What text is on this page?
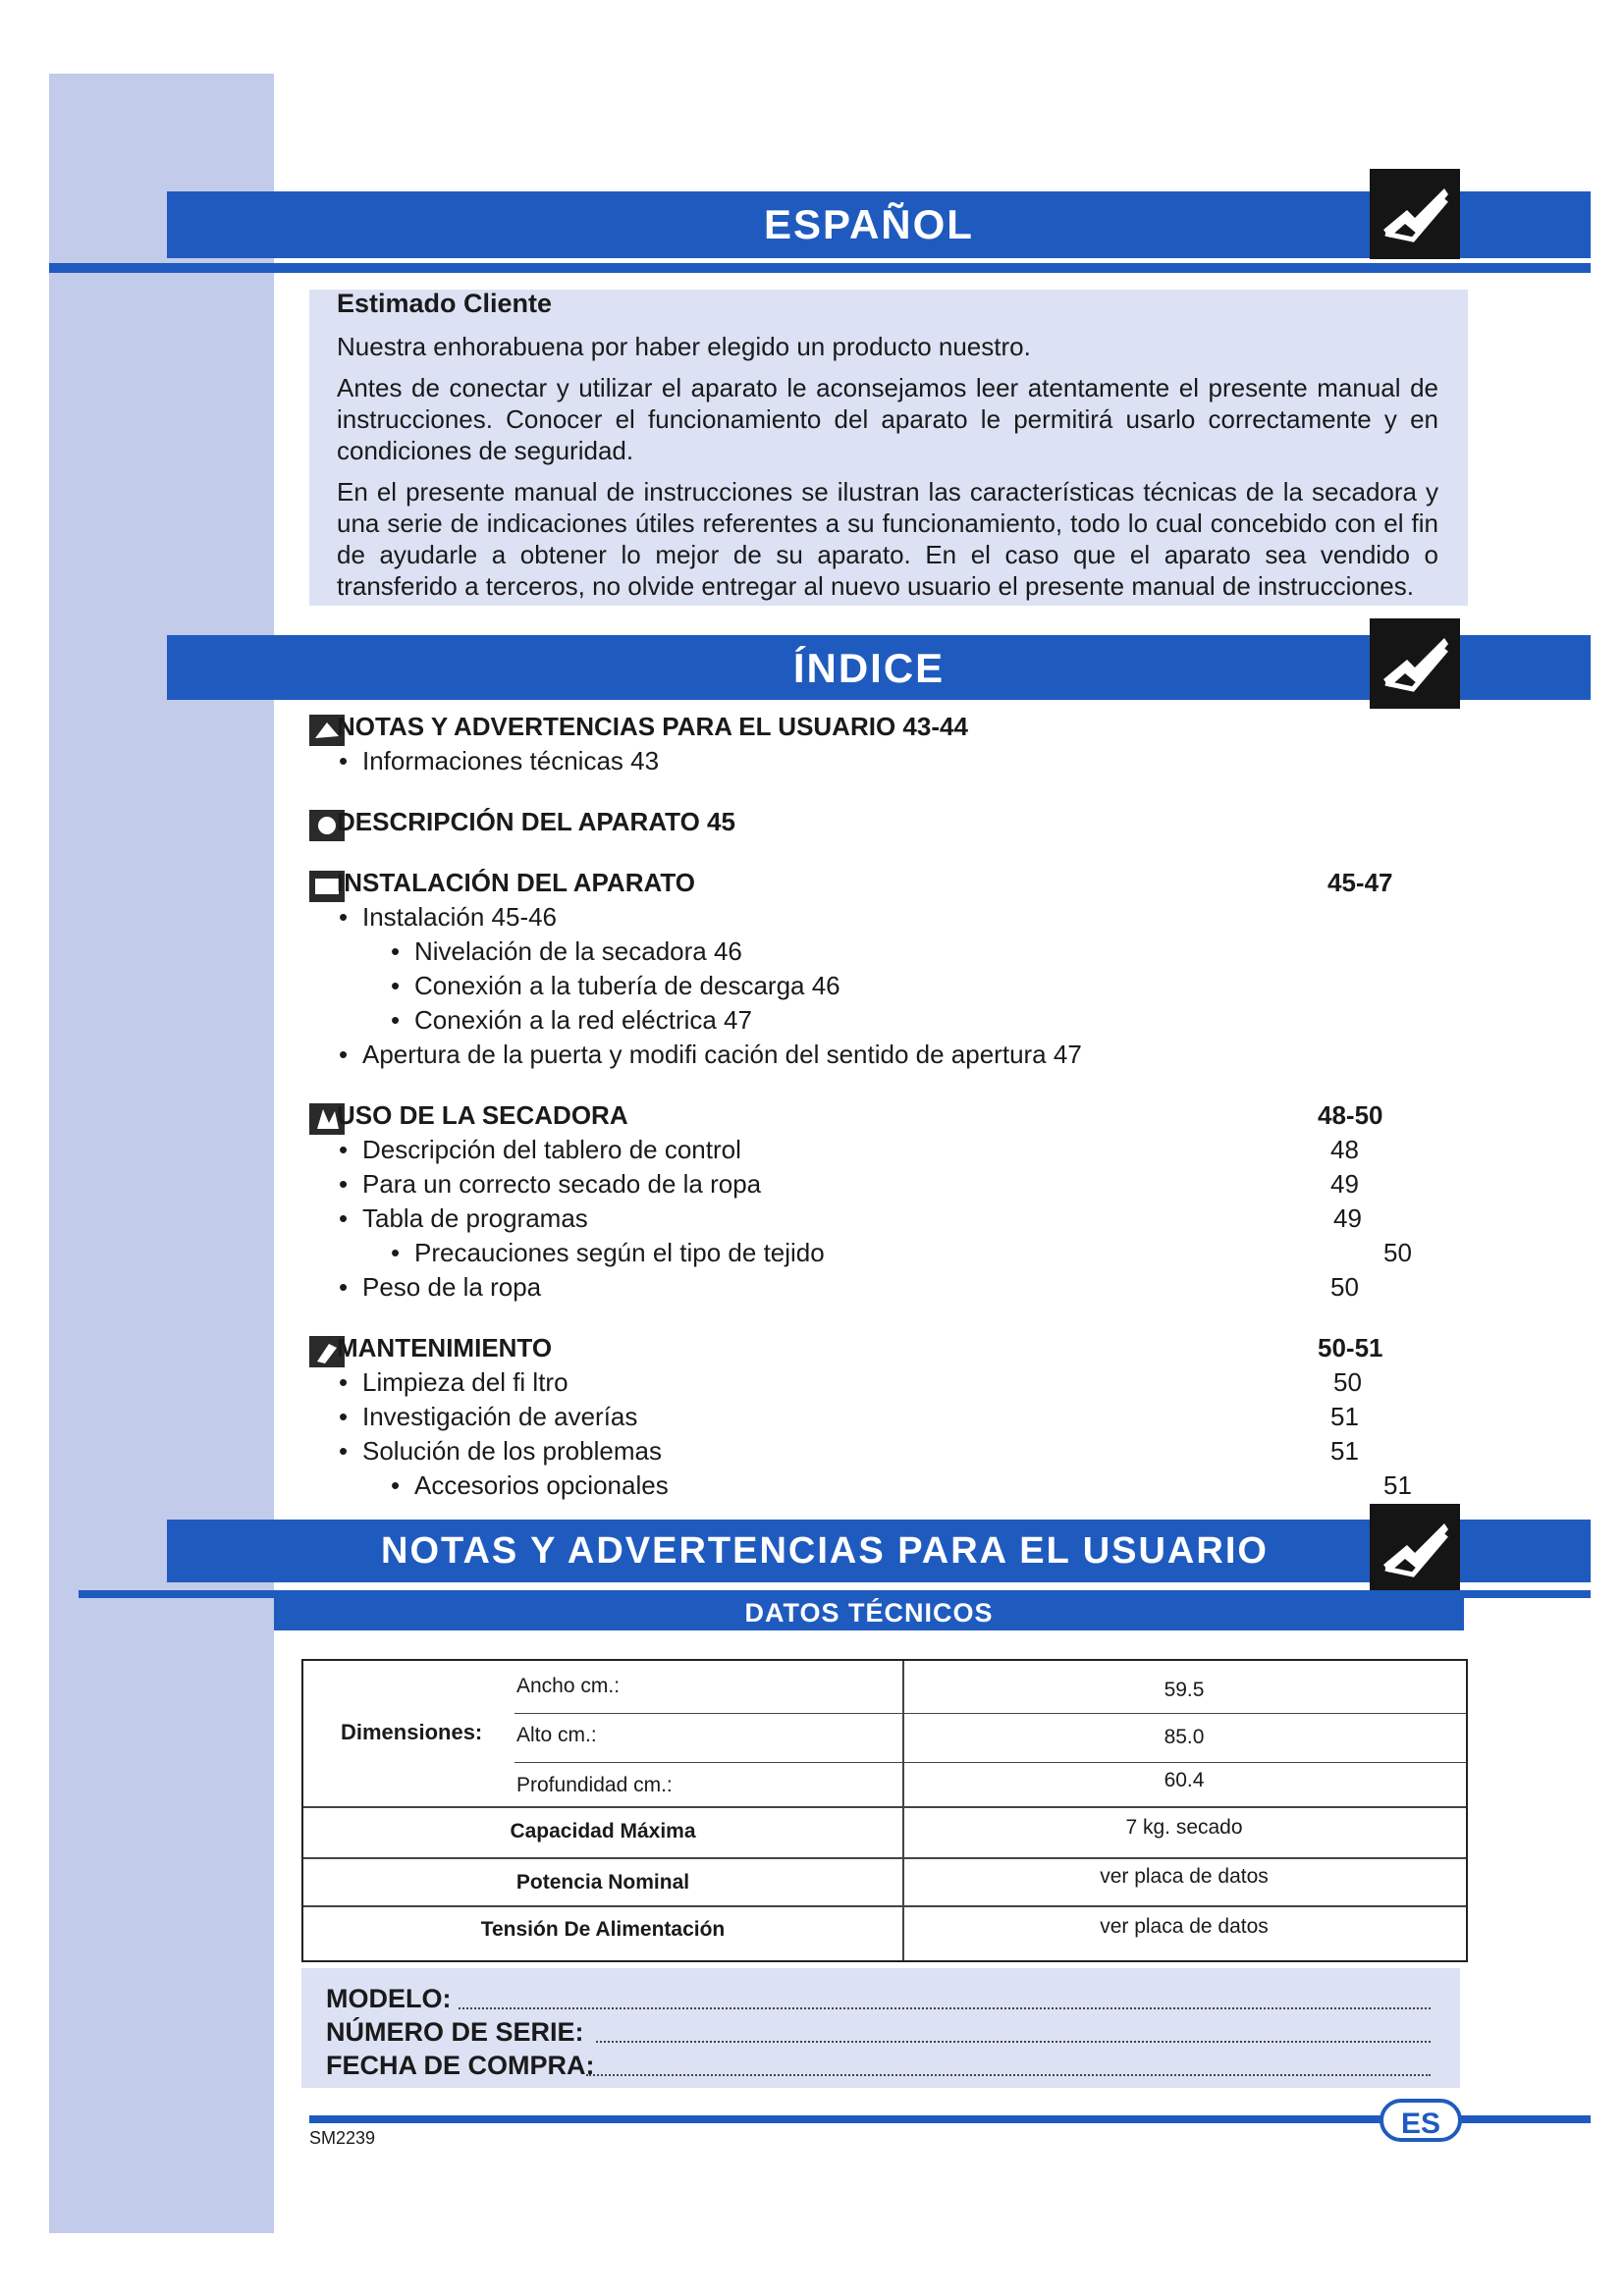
ESPAÑOL	43

Estimado Cliente

Nuestra enhorabuena por haber elegido un producto nuestro.

Antes de conectar y utilizar el aparato le aconsejamos leer atentamente el presente manual de instrucciones. Conocer el funcionamiento del aparato le permitirá usarlo correctamente y en condiciones de seguridad.

En el presente manual de instrucciones se ilustran las características técnicas de la secadora y una serie de indicaciones útiles referentes a su funcionamiento, todo lo cual concebido con el fin de ayudarle a obtener lo mejor de su aparato. En el caso que el aparato sea vendido o transferido a terceros, no olvide entregar al nuevo usuario el presente manual de instrucciones.

ÍNDICE
NOTAS Y ADVERTENCIAS PARA EL USUARIO 43-44
• Informaciones técnicas 43
DESCRIPCIÓN DEL APARATO 45
INSTALACIÓN DEL APARATO	45-47
• Instalación 45-46
• Nivelación de la secadora 46
• Conexión a la tubería de descarga 46
• Conexión a la red eléctrica 47
• Apertura de la puerta y modifi cación del sentido de apertura 47
USO DE LA SECADORA	48-50
• Descripción del tablero de control	48
• Para un correcto secado de la ropa	49
• Tabla de programas	49
• Precauciones según el tipo de tejido	50
• Peso de la ropa	50
MANTENIMIENTO	50-51
• Limpieza del fi ltro	50
• Investigación de averías	51
• Solución de los problemas	51
• Accesorios opcionales	51
NOTAS Y ADVERTENCIAS PARA EL USUARIO
DATOS TÉCNICOS
Dimensiones:
Ancho cm.:	59.5
Alto cm.:	85.0
Profundidad cm.:	60.4
Capacidad Máxima	7 kg. secado
Potencia Nominal	ver placa de datos
Tensión De Alimentación	ver placa de datos
MODELO:
NÚMERO DE SERIE:
FECHA DE COMPRA:
ES
SM2239
